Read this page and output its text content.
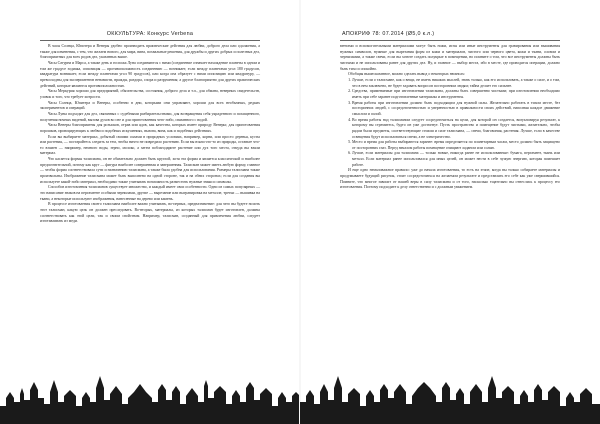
ОККУЛЬТУРА: Конкурс Verbena

В часы Солнца, Юпитера и Венеры удобно производить практические действия для любви, доброго дела или одолжения, а также для изменения, с тем, что желаем нового, для мира, вина, похвальные решения, для дружбы и других добрых и полезных дел, благоприятных для всех родов дел, указанных выше.

Часы Сатурна и Марса, а также день и госпожа Луна соединяются с ними (соединение означает нахождение планеты в одном и том же градусе зодиака, оппозиция — противоположность соединению — возникает, если между планетами угол 180 градусов, квадратура возникает, если между планетами угол 90 градусов), или когда она образует с ними оппозицию или квадратуру, — превосходны для экспериментов ненависти, вражды, раздора, спора и разрушения; а другое благоприятно для других практических действий, которые являются противоположностью.

Часы Меркурия хороши для предприятий, обязательства, состояния, доброго дела и т.п., для обмана, неверных свидетельств, уловок и того, что требует хитрости.

Часы Солнца, Юпитера и Венеры, особенно в дни, которыми они управляют, хороши для всех необычных, редких экспериментов и операций.

Часы Луны подходят для дел, связанных с судебными разбирательствами, для возвращения себя украденного и похищенного, получения ночных видений, вызова духов во сне и для приготовления чего-либо, связанного с водой.

Часы Венеры благоприятны для розысков, отрав или ядов, как качества, которых имеет природу Венеры; для приготовления порошков, провоцирующих к любви и подобных искушениях, вызова, вина, как и подобных действиях.

Если вы выбираете материал, добытый своими силами в природных условиях, например, корни, или просто деревья, кусты или растения, — постарайтесь следить за тем, чтобы ничто не повредило растению. Если вы взяли что-то из природы, оставьте что-то взамен — например, немного воды, зерно, молоко, а затем поблагодарите растение или дух того места, откуда вы взяли материал.

Что касается формы талисмана, он не обязательно должен быть круглой, хотя эта форма и является классической и наиболее предпочтительной, потому как круг — фигура наиболее совершенная и завершенная. Талисман может иметь любую форму, главное — чтобы форма соответствовала сути и назначению талисмана, а также была удобна для использования. Размеры талисмана также произвольны. Изображение талисмана может быть выполнено на одной стороне, так и на обеих сторонах; если для создания вы используете какой-либо материал, необходимо также учитывать возможность разместить нужные знаки и символы.

Способов изготовления талисманов существует множество, и каждый имеет свои особенности. Одни из самых популярных — это написание знаков на пергаменте особыми чернилами, другие — вырезание или выгравировка на металле, третьи — вышивка на ткани, а некоторые используют изображения, нанесенные на дерево или камень.

В процессе изготовления своего талисмана наиболее важно учитывать, во-первых, предназначение: для чего вы будете носить этот талисман, какую цель он должен преследовать. Во-вторых, материалы, из которых талисман будет изготовлен, должны соответствовать как этой цели, так и своим свойствам. Например, талисман, созданный для привлечения любви, следует изготавливать из меди.

74
АПОКРИФ 78: 07.2014 (Ø5,0 к.л.)

вентами и вспомогательными материалами могут быть ножи, иглы или иные инструменты для гравирования или вышивания нужных символов, нужные для вырезания форм из кожи и материалов, чистого или черного цвета, кожи и ткани, оловом и черниламии, а также свечи, если вы хотите создать полукрые в помещении, но помните о том, что все инструменты должны быть чистыми и не использованы ранее для других дел. Ну, и главное — выбор места, ибо в месте, где проводятся операции, должно быть тихо и спокойно.

Обобщая вышесказанное, можно сделать вывод о некоторых нюансах:

1. Лучше, если о талисмане, как о вещи, не иметь никаких мыслей, знать только, как его использовать, а также о силе, и о том, что в нем заключено, не будет задавать вопросов посторонним людям; тайна делает его сильнее.
2. Средства, применяемые при изготовлении талисмана, должны быть совершенно чистыми; при изготовлении необходимо иметь при себе заранее подготовленные материалы и инструменты.
3. Время работы при изготовлении должно быть подходящим для нужной силы. Желательно работать в тихом месте, без посторонних людей, с сосредоточенностью и уверенностью в правильности своих действий, наполняя каждое движение смыслом и силой.
4. Во время работы над талисманом следует сосредоточиться на цели, для которой он создается, визуализируя результат, к которому вы стремитесь, будто он уже достигнут. Пусть пространство и помещение будут чистыми, желательно, чтобы рядом были предметы, соответствующие стихии и силе талисмана, — свечи, благовония, растения. Лучше, если в качестве освещения будут использоваться свечи, а не электричество.
5. Место и время для работы выбираются заранее: время определяется по планетарным часам, место должно быть защищено от посторонних глаз. Перед началом работы помещение очищают ладаном или солью.
6. Лучше, если материалы для талисмана — только новые, никогда ранее не использованные: бумага, пергамент, ткань или металл. Если материал ранее использовался для иных целей, он может нести в себе чужую энергию, которая помешает работе.

И еще одно немаловажное правило: уже до начала изготовления, то есть на этапе, когда вы только собираете материалы и продумываете будущий рисунок, стоит сосредоточиться на желаемом результате и представлять его себе как уже свершившийся. Помните, что многое зависит от вашей веры в силу талисмана и от того, насколько тщательно вы отнеслись к процессу его изготовления. Поэтому подходите к делу ответственно и с должным уважением.

75
